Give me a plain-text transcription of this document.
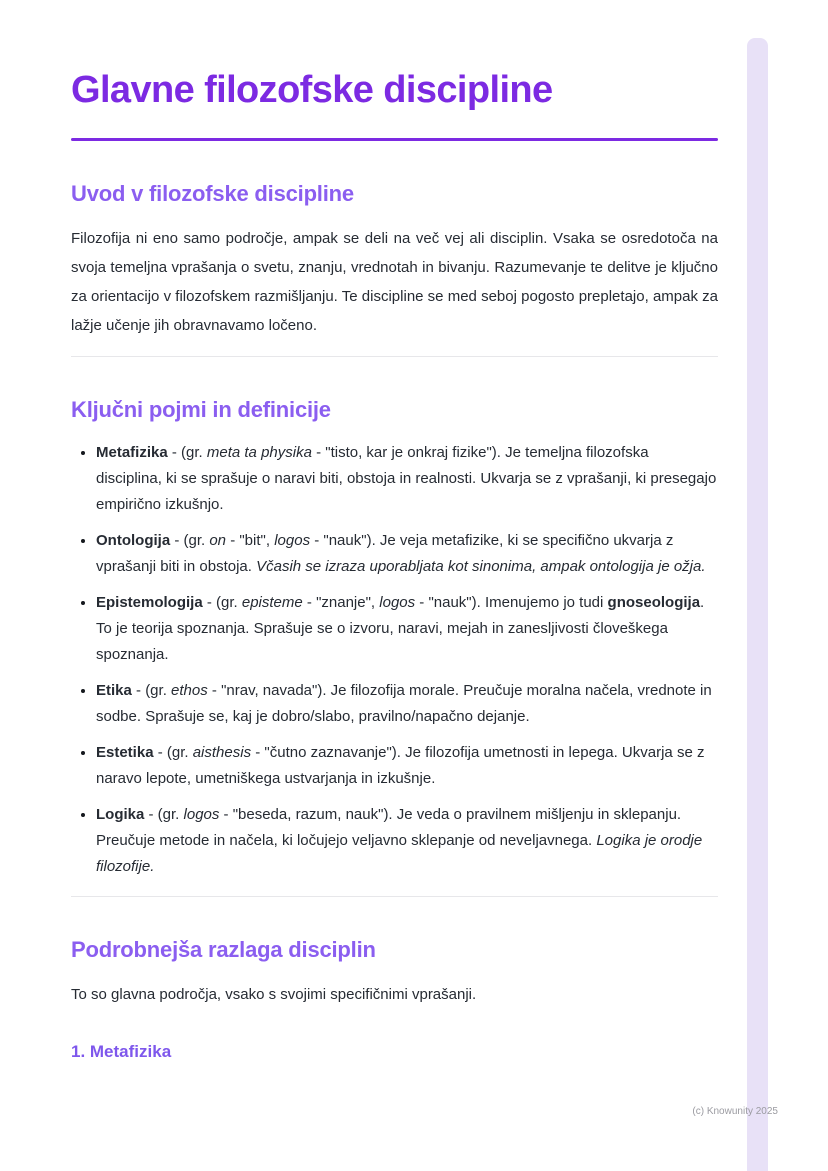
Glavne filozofske discipline
Uvod v filozofske discipline

Filozofija ni eno samo področje, ampak se deli na več vej ali disciplin. Vsaka se osredotoča na svoja temeljna vprašanja o svetu, znanju, vrednotah in bivanju. Razumevanje te delitve je ključno za orientacijo v filozofskem razmišljanju. Te discipline se med seboj pogosto prepletajo, ampak za lažje učenje jih obravnavamo ločeno.

Ključni pojmi in definicije
• Metafizika - (gr. meta ta physika - "tisto, kar je onkraj fizike"). Je temeljna filozofska disciplina, ki se sprašuje o naravi biti, obstoja in realnosti. Ukvarja se z vprašanji, ki presegajo empirično izkušnjo.
• Ontologija - (gr. on - "bit", logos - "nauk"). Je veja metafizike, ki se specifično ukvarja z vprašanji biti in obstoja. Včasih se izraza uporabljata kot sinonima, ampak ontologija je ožja.
• Epistemologija - (gr. episteme - "znanje", logos - "nauk"). Imenujemo jo tudi gnoseologija. To je teorija spoznanja. Sprašuje se o izvoru, naravi, mejah in zanesljivosti človeškega spoznanja.
• Etika - (gr. ethos - "nrav, navada"). Je filozofija morale. Preučuje moralna načela, vrednote in sodbe. Sprašuje se, kaj je dobro/slabo, pravilno/napačno dejanje.
• Estetika - (gr. aisthesis - "čutno zaznavanje"). Je filozofija umetnosti in lepega. Ukvarja se z naravo lepote, umetniškega ustvarjanja in izkušnje.
• Logika - (gr. logos - "beseda, razum, nauk"). Je veda o pravilnem mišljenju in sklepanju. Preučuje metode in načela, ki ločujejo veljavno sklepanje od neveljavnega. Logika je orodje filozofije.
Podrobnejša razlaga disciplin

To so glavna področja, vsako s svojimi specifičnimi vprašanji.

1. Metafizika
(c) Knowunity 2025
